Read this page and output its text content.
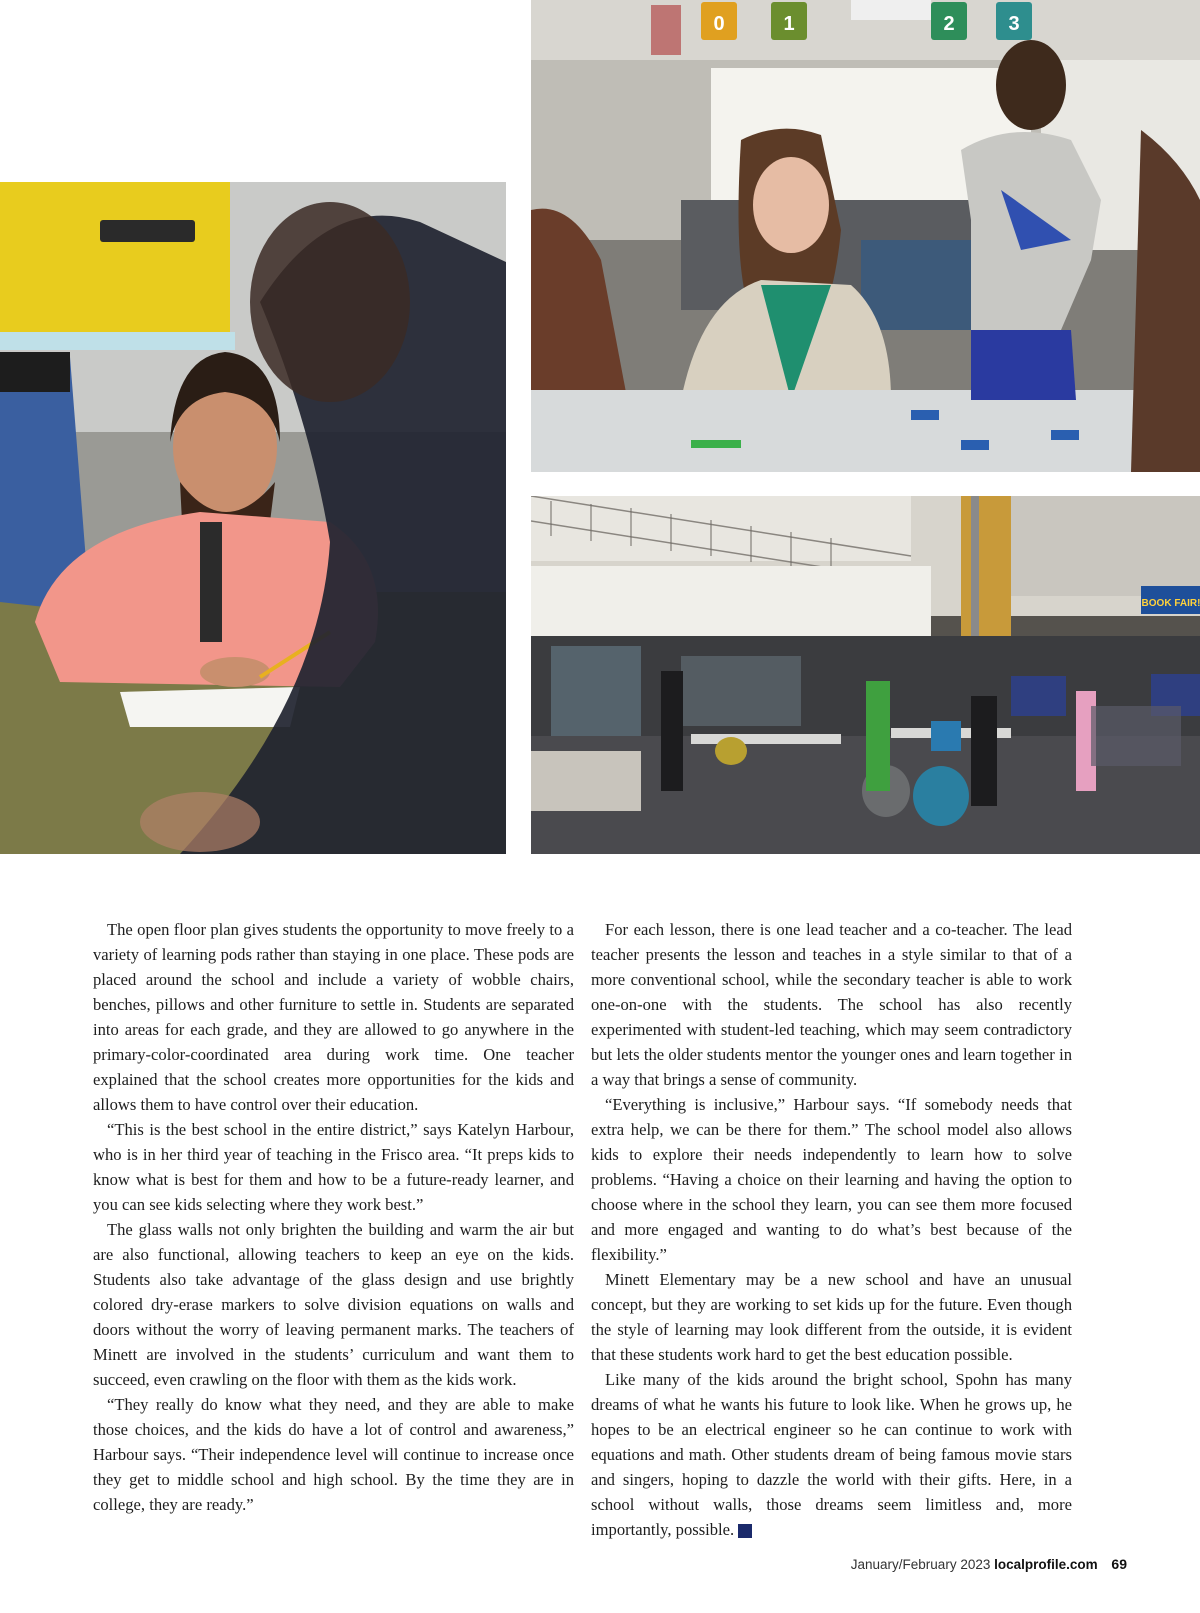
0	1	2	3
BOOK FAIR!

The open floor plan gives students the opportunity to move freely to a variety of learning pods rather than staying in one place. These pods are placed around the school and include a variety of wobble chairs, benches, pillows and other furniture to settle in. Students are separated into areas for each grade, and they are allowed to go anywhere in the primary-color-coordinated area during work time. One teacher explained that the school creates more opportunities for the kids and allows them to have control over their education.

“This is the best school in the entire district,” says Katelyn Harbour, who is in her third year of teaching in the Frisco area. “It preps kids to know what is best for them and how to be a future-ready learner, and you can see kids selecting where they work best.”

The glass walls not only brighten the building and warm the air but are also functional, allowing teachers to keep an eye on the kids. Students also take advantage of the glass design and use brightly colored dry-erase markers to solve division equations on walls and doors without the worry of leaving permanent marks. The teachers of Minett are involved in the students’ curriculum and want them to succeed, even crawling on the floor with them as the kids work.

“They really do know what they need, and they are able to make those choices, and the kids do have a lot of control and awareness,” Harbour says. “Their independence level will continue to increase once they get to middle school and high school. By the time they are in college, they are ready.”

For each lesson, there is one lead teacher and a co-teacher. The lead teacher presents the lesson and teaches in a style similar to that of a more conventional school, while the secondary teacher is able to work one-on-one with the students. The school has also recently experimented with student-led teaching, which may seem contradictory but lets the older students mentor the younger ones and learn together in a way that brings a sense of community.

“Everything is inclusive,” Harbour says. “If somebody needs that extra help, we can be there for them.” The school model also allows kids to explore their needs independently to learn how to solve problems. “Having a choice on their learning and having the option to choose where in the school they learn, you can see them more focused and more engaged and wanting to do what’s best because of the flexibility.”

Minett Elementary may be a new school and have an unusual concept, but they are working to set kids up for the future. Even though the style of learning may look different from the outside, it is evident that these students work hard to get the best education possible.

Like many of the kids around the bright school, Spohn has many dreams of what he wants his future to look like. When he grows up, he hopes to be an electrical engineer so he can continue to work with equations and math. Other students dream of being famous movie stars and singers, hoping to dazzle the world with their gifts. Here, in a school without walls, those dreams seem limitless and, more importantly, possible. lp

January/February 2023 localprofile.com 69
